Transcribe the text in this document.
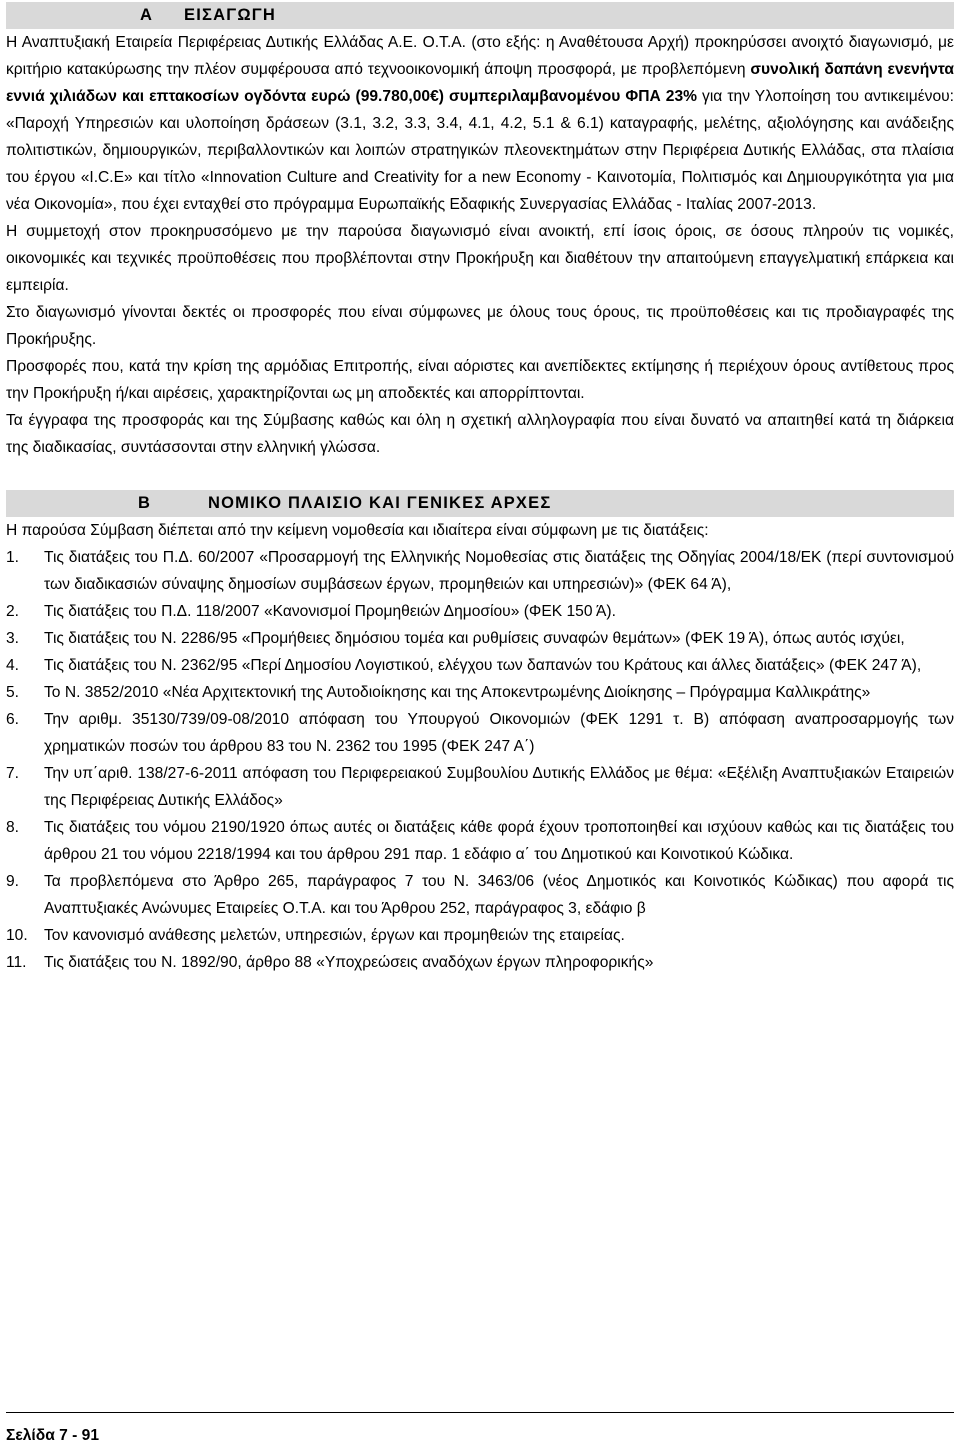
Α ΕΙΣΑΓΩΓΗ

Η Αναπτυξιακή Εταιρεία Περιφέρειας Δυτικής Ελλάδας Α.Ε. Ο.Τ.Α. (στο εξής: η Αναθέτουσα Αρχή) προκηρύσσει ανοιχτό διαγωνισμό, με κριτήριο κατακύρωσης την πλέον συμφέρουσα από τεχνοοικονομική άποψη προσφορά, με προβλεπόμενη συνολική δαπάνη ενενήντα εννιά χιλιάδων και επτακοσίων ογδόντα ευρώ (99.780,00€) συμπεριλαμβανομένου ΦΠΑ 23% για την Υλοποίηση του αντικειμένου: «Παροχή Υπηρεσιών και υλοποίηση δράσεων (3.1, 3.2, 3.3, 3.4, 4.1, 4.2, 5.1 & 6.1) καταγραφής, μελέτης, αξιολόγησης και ανάδειξης πολιτιστικών, δημιουργικών, περιβαλλοντικών και λοιπών στρατηγικών πλεονεκτημάτων στην Περιφέρεια Δυτικής Ελλάδας, στα πλαίσια του έργου «I.C.E» και τίτλο «Innovation Culture and Creativity for a new Economy - Καινοτομία, Πολιτισμός και Δημιουργικότητα για μια νέα Οικονομία», που έχει ενταχθεί στο πρόγραμμα Ευρωπαϊκής Εδαφικής Συνεργασίας Ελλάδας - Ιταλίας 2007-2013.

Η συμμετοχή στον προκηρυσσόμενο με την παρούσα διαγωνισμό είναι ανοικτή, επί ίσοις όροις, σε όσους πληρούν τις νομικές, οικονομικές και τεχνικές προϋποθέσεις που προβλέπονται στην Προκήρυξη και διαθέτουν την απαιτούμενη επαγγελματική επάρκεια και εμπειρία.

Στο διαγωνισμό γίνονται δεκτές οι προσφορές που είναι σύμφωνες με όλους τους όρους, τις προϋποθέσεις και τις προδιαγραφές της Προκήρυξης.

Προσφορές που, κατά την κρίση της αρμόδιας Επιτροπής, είναι αόριστες και ανεπίδεκτες εκτίμησης ή περιέχουν όρους αντίθετους προς την Προκήρυξη ή/και αιρέσεις, χαρακτηρίζονται ως μη αποδεκτές και απορρίπτονται.

Τα έγγραφα της προσφοράς και της Σύμβασης καθώς και όλη η σχετική αλληλογραφία που είναι δυνατό να απαιτηθεί κατά τη διάρκεια της διαδικασίας, συντάσσονται στην ελληνική γλώσσα.

Β	ΝΟΜΙΚΟ ΠΛΑΙΣΙΟ ΚΑΙ ΓΕΝΙΚΕΣ ΑΡΧΕΣ

Η παρούσα Σύμβαση διέπεται από την κείμενη νομοθεσία και ιδιαίτερα είναι σύμφωνη με τις διατάξεις:

1. Τις διατάξεις του Π.Δ. 60/2007 «Προσαρμογή της Ελληνικής Νομοθεσίας στις διατάξεις της Οδηγίας 2004/18/ΕΚ (περί συντονισμού των διαδικασιών σύναψης δημοσίων συμβάσεων έργων, προμηθειών και υπηρεσιών)» (ΦΕΚ 64 Ά),
2. Τις διατάξεις του Π.Δ. 118/2007 «Κανονισμοί Προμηθειών Δημοσίου» (ΦΕΚ 150 Ά).
3. Τις διατάξεις του Ν. 2286/95 «Προμήθειες δημόσιου τομέα και ρυθμίσεις συναφών θεμάτων» (ΦΕΚ 19 Ά), όπως αυτός ισχύει,
4. Τις διατάξεις του Ν. 2362/95 «Περί Δημοσίου Λογιστικού, ελέγχου των δαπανών του Κράτους και άλλες διατάξεις» (ΦΕΚ 247 Ά),
5. Το Ν. 3852/2010 «Νέα Αρχιτεκτονική της Αυτοδιοίκησης και της Αποκεντρωμένης Διοίκησης – Πρόγραμμα Καλλικράτης»
6. Την αριθμ. 35130/739/09-08/2010 απόφαση του Υπουργού Οικονομιών (ΦΕΚ 1291 τ. Β) απόφαση αναπροσαρμογής των χρηματικών ποσών του άρθρου 83 του Ν. 2362 του 1995 (ΦΕΚ 247 Α΄)
7. Την υπ΄αριθ. 138/27-6-2011 απόφαση του Περιφερειακού Συμβουλίου Δυτικής Ελλάδος με θέμα: «Εξέλιξη Αναπτυξιακών Εταιρειών της Περιφέρειας Δυτικής Ελλάδος»
8. Τις διατάξεις του νόμου 2190/1920 όπως αυτές οι διατάξεις κάθε φορά έχουν τροποποιηθεί και ισχύουν καθώς και τις διατάξεις του άρθρου 21 του νόμου 2218/1994 και του άρθρου 291 παρ. 1 εδάφιο α΄ του Δημοτικού και Κοινοτικού Κώδικα.
9. Τα προβλεπόμενα στο Άρθρο 265, παράγραφος 7 του Ν. 3463/06 (νέος Δημοτικός και Κοινοτικός Κώδικας) που αφορά τις Αναπτυξιακές Ανώνυμες Εταιρείες Ο.Τ.Α. και του Άρθρου 252, παράγραφος 3, εδάφιο β
10. Τον κανονισμό ανάθεσης μελετών, υπηρεσιών, έργων και προμηθειών της εταιρείας.
11. Τις διατάξεις του Ν. 1892/90, άρθρο 88 «Υποχρεώσεις αναδόχων έργων πληροφορικής»
Σελίδα 7 - 91
